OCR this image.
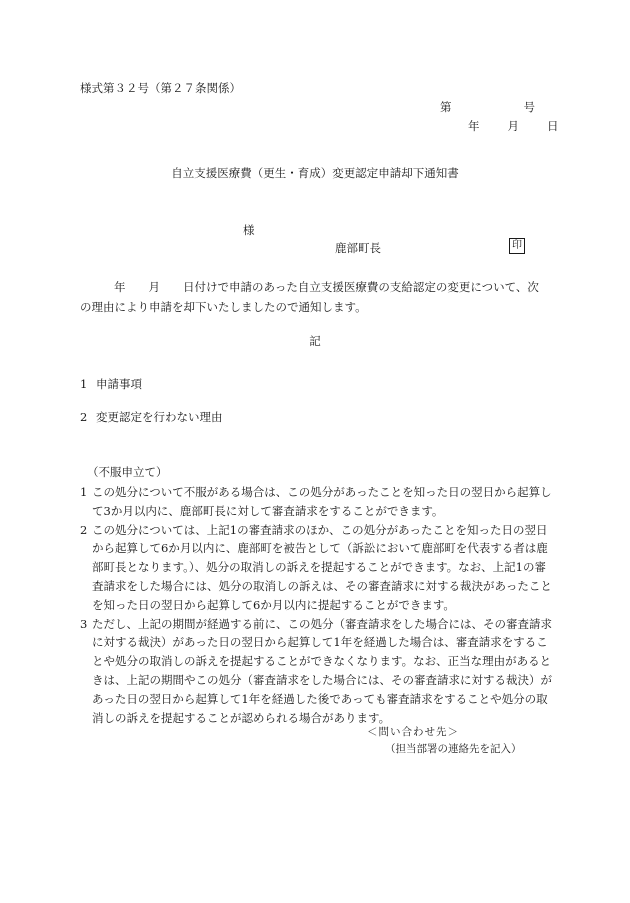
様式第３２号（第２７条関係）
第	号
年 月 日
自立支援医療費（更生・育成）変更認定申請却下通知書
様
鹿部町長	印
年　　月　　日付けで申請のあった自立支援医療費の支給認定の変更について、次の理由により申請を却下いたしましたので通知します。
記
1 申請事項
2 変更認定を行わない理由
（不服申立て）

1 この処分について不服がある場合は、この処分があったことを知った日の翌日から起算して3か月以内に、鹿部町長に対して審査請求をすることができます。

2 この処分については、上記1の審査請求のほか、この処分があったことを知った日の翌日から起算して6か月以内に、鹿部町を被告として（訴訟において鹿部町を代表する者は鹿部町長となります。）、処分の取消しの訴えを提起することができます。なお、上記1の審査請求をした場合には、処分の取消しの訴えは、その審査請求に対する裁決があったことを知った日の翌日から起算して6か月以内に提起することができます。

3 ただし、上記の期間が経過する前に、この処分（審査請求をした場合には、その審査請求に対する裁決）があった日の翌日から起算して1年を経過した場合は、審査請求をすることや処分の取消しの訴えを提起することができなくなります。なお、正当な理由があるときは、上記の期間やこの処分（審査請求をした場合には、その審査請求に対する裁決）があった日の翌日から起算して1年を経過した後であっても審査請求をすることや処分の取消しの訴えを提起することが認められる場合があります。

＜問い合わせ先＞
（担当部署の連絡先を記入）
